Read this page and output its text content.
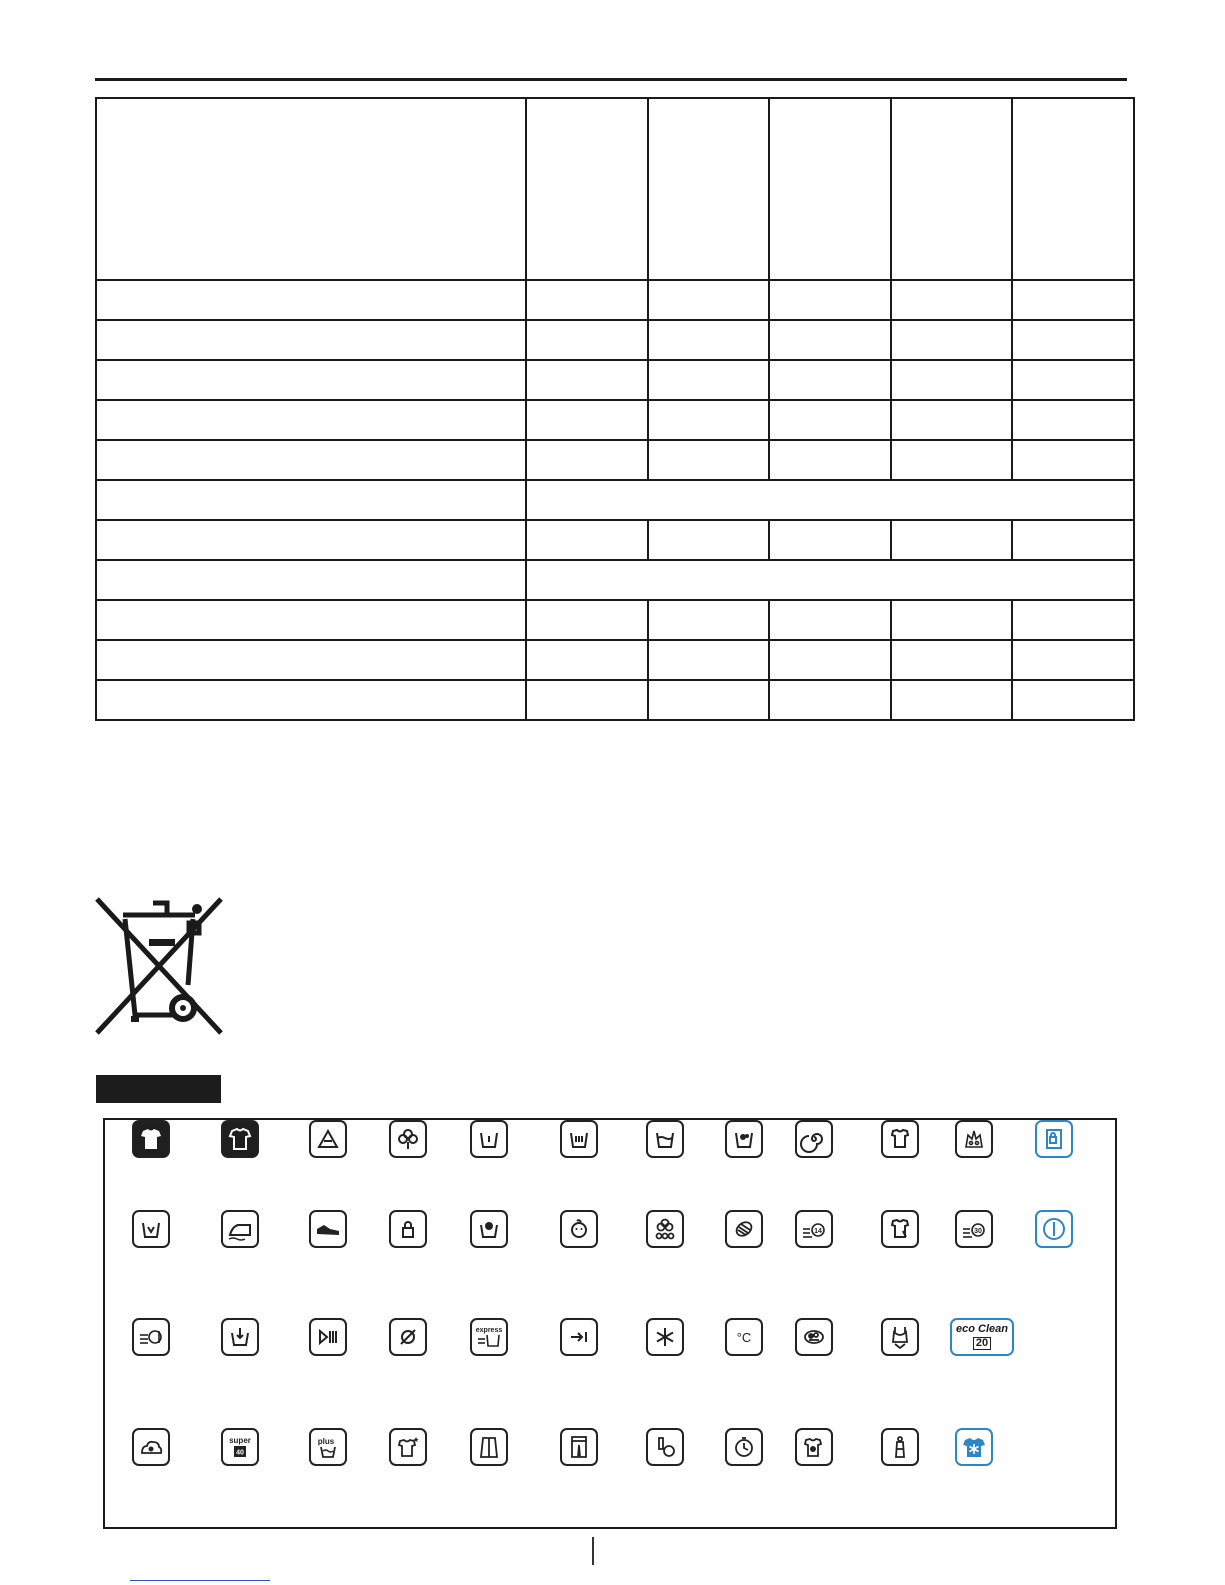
14	30
express	°C
eco Clean
20
super
40
plus
